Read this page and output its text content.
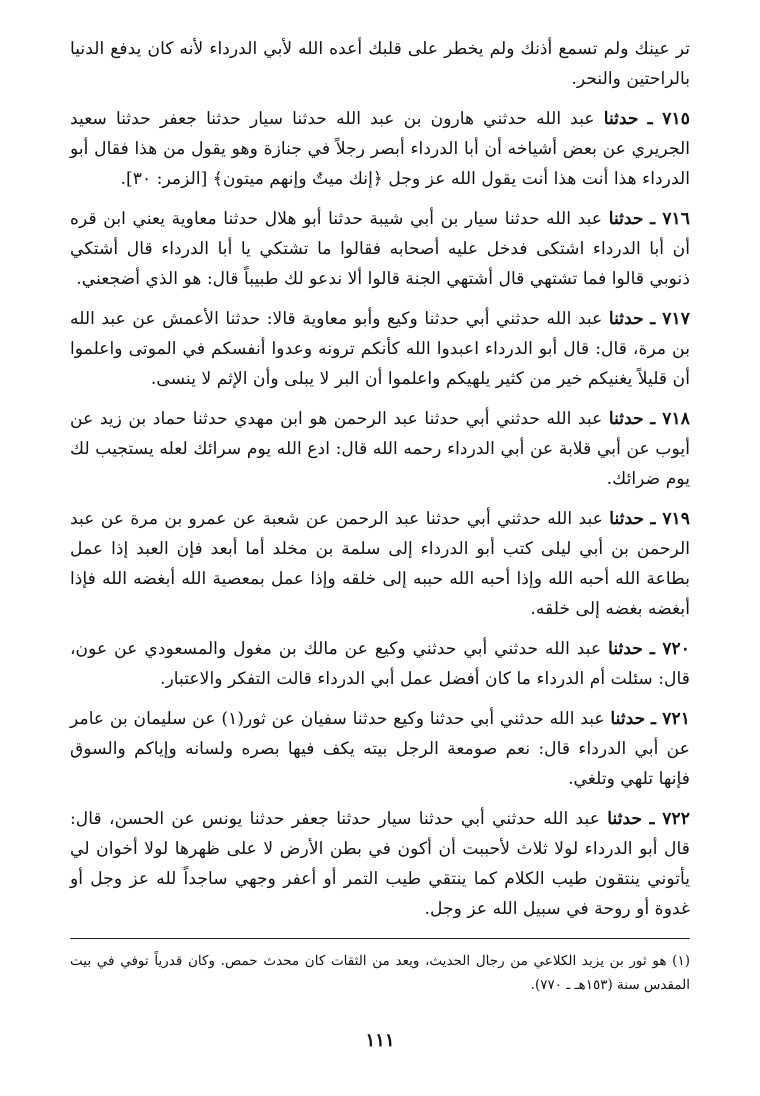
تر عينك ولم تسمع أذنك ولم يخطر على قلبك أعده الله لأبي الدرداء لأنه كان يدفع الدنيا بالراحتين والنحر.

٧١٥ ـ حدثنا عبد الله حدثني هارون بن عبد الله حدثنا سيار حدثنا جعفر حدثنا سعيد الجريري عن بعض أشياخه أن أبا الدرداء أبصر رجلاً في جنازة وهو يقول من هذا فقال أبو الدرداء هذا أنت هذا أنت يقول الله عز وجل ﴿إنك ميتٌ وإنهم ميتون﴾ [الزمر: ٣٠].

٧١٦ ـ حدثنا عبد الله حدثنا سيار بن أبي شيبة حدثنا أبو هلال حدثنا معاوية يعني ابن قره أن أبا الدرداء اشتكى فدخل عليه أصحابه فقالوا ما تشتكي يا أبا الدرداء قال أشتكي ذنوبي قالوا فما تشتهي قال أشتهي الجنة قالوا ألا ندعو لك طبيباً قال: هو الذي أضجعني.

٧١٧ ـ حدثنا عبد الله حدثني أبي حدثنا وكيع وأبو معاوية قالا: حدثنا الأعمش عن عبد الله بن مرة، قال: قال أبو الدرداء اعبدوا الله كأنكم ترونه وعدوا أنفسكم في الموتى واعلموا أن قليلاً يغنيكم خير من كثير يلهيكم واعلموا أن البر لا يبلى وأن الإثم لا ينسى.

٧١٨ ـ حدثنا عبد الله حدثني أبي حدثنا عبد الرحمن هو ابن مهدي حدثنا حماد بن زيد عن أيوب عن أبي قلابة عن أبي الدرداء رحمه الله قال: ادع الله يوم سرائك لعله يستجيب لك يوم ضرائك.

٧١٩ ـ حدثنا عبد الله حدثني أبي حدثنا عبد الرحمن عن شعبة عن عمرو بن مرة عن عبد الرحمن بن أبي ليلى كتب أبو الدرداء إلى سلمة بن مخلد أما أبعد فإن العبد إذا عمل بطاعة الله أحبه الله وإذا أحبه الله حببه إلى خلقه وإذا عمل بمعصية الله أبغضه الله فإذا أبغضه بغضه إلى خلقه.

٧٢٠ ـ حدثنا عبد الله حدثني أبي حدثني وكيع عن مالك بن مغول والمسعودي عن عون، قال: سئلت أم الدرداء ما كان أفضل عمل أبي الدرداء قالت التفكر والاعتبار.

٧٢١ ـ حدثنا عبد الله حدثني أبي حدثنا وكيع حدثنا سفيان عن ثور(١) عن سليمان بن عامر عن أبي الدرداء قال: نعم صومعة الرجل بيته يكف فيها بصره ولسانه وإياكم والسوق فإنها تلهي وتلغي.

٧٢٢ ـ حدثنا عبد الله حدثني أبي حدثنا سيار حدثنا جعفر حدثنا يونس عن الحسن، قال: قال أبو الدرداء لولا ثلاث لأحببت أن أكون في بطن الأرض لا على ظهرها لولا أخوان لي يأتوني ينتقون طيب الكلام كما ينتقي طيب التمر أو أعفر وجهي ساجداً لله عز وجل أو غدوة أو روحة في سبيل الله عز وجل.

(١) هو ثور بن يزيد الكلاعي من رجال الحديث، ويعد من الثقات كان محدث حمص. وكان قدرياً توفي في بيت المقدس سنة (١٥٣هـ ـ ٧٧٠).

١١١
